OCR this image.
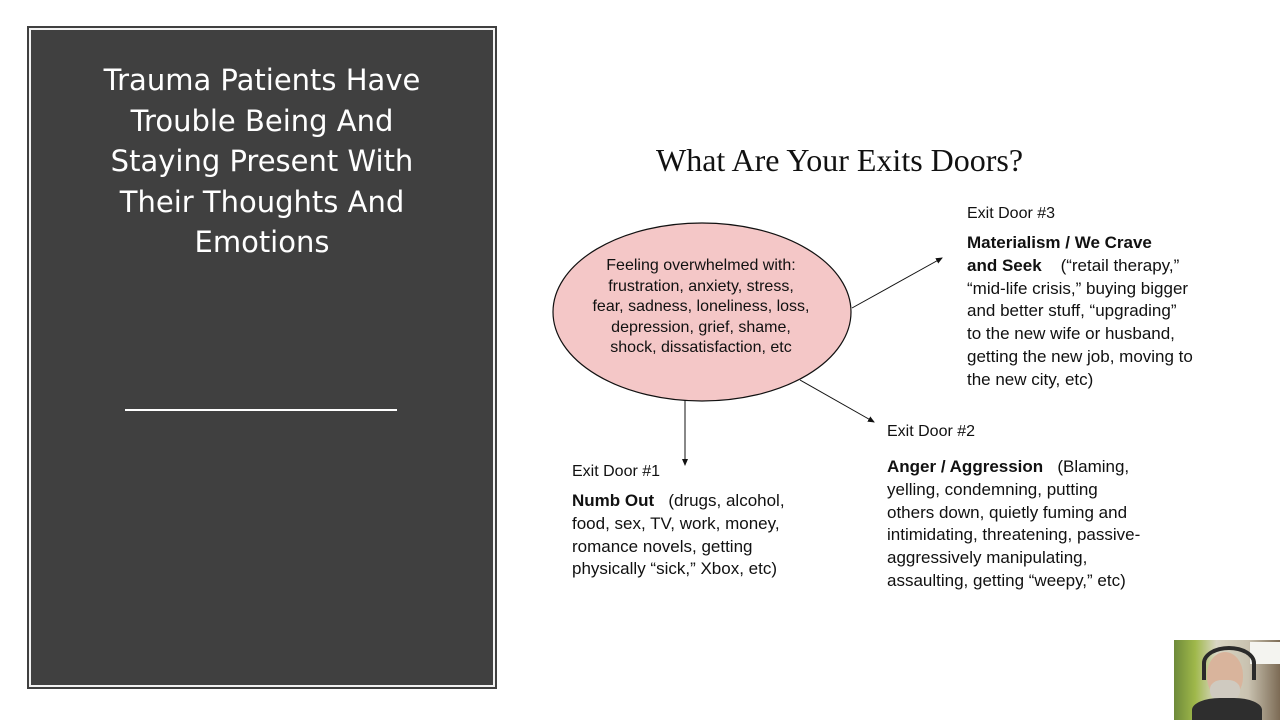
Trauma Patients Have
Trouble Being And
Staying Present With
Their Thoughts And
Emotions
What Are Your Exits Doors?
Feeling overwhelmed with:
frustration, anxiety, stress,
fear, sadness, loneliness, loss,
depression, grief, shame,
shock, dissatisfaction, etc
Exit Door #3
Materialism / We Crave
and Seek (“retail therapy,”
“mid-life crisis,” buying bigger
and better stuff, “upgrading”
to the new wife or husband,
getting the new job, moving to
the new city, etc)
Exit Door #2
Anger / Aggression (Blaming,
yelling, condemning, putting
others down, quietly fuming and
intimidating, threatening, passive-
aggressively manipulating,
assaulting, getting “weepy,” etc)
Exit Door #1
Numb Out (drugs, alcohol,
food, sex, TV, work, money,
romance novels, getting
physically “sick,” Xbox, etc)
